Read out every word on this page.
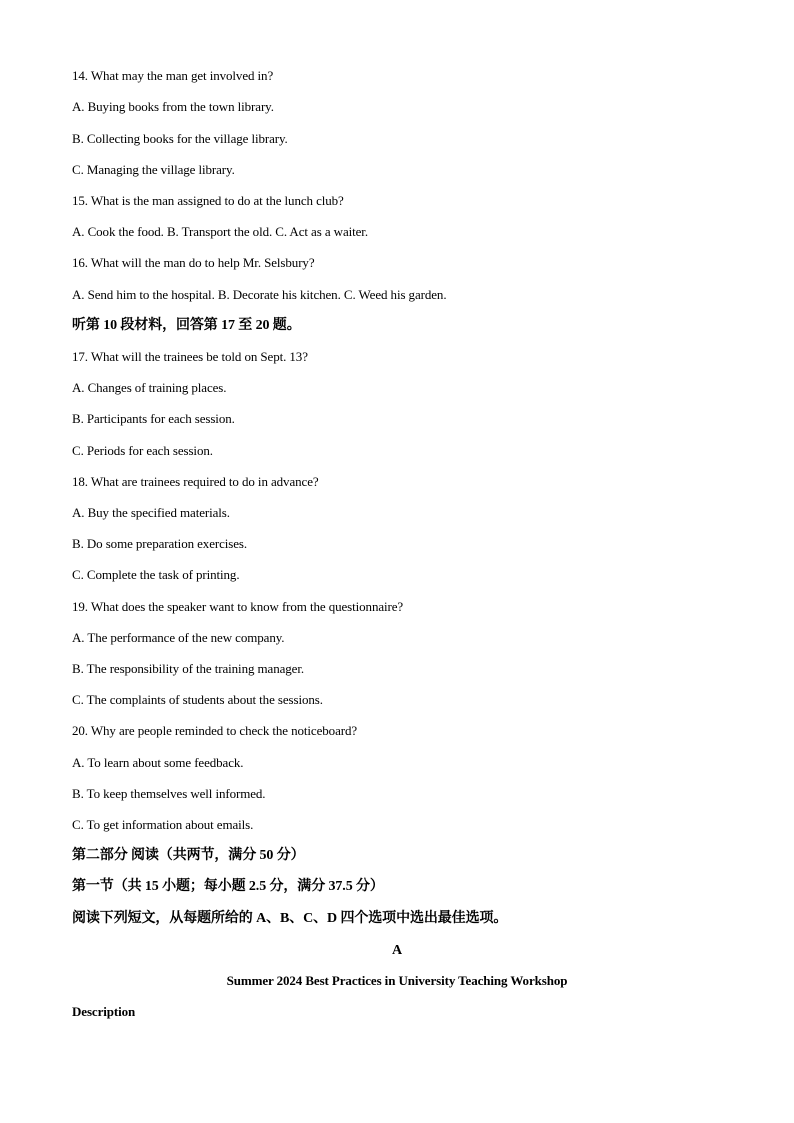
14. What may the man get involved in?

A. Buying books from the town library.

B. Collecting books for the village library.

C. Managing the village library.

15. What is the man assigned to do at the lunch club?

A. Cook the food. B. Transport the old. C. Act as a waiter.

16. What will the man do to help Mr. Selsbury?

A. Send him to the hospital. B. Decorate his kitchen. C. Weed his garden.

听第 10 段材料，回答第 17 至 20 题。

17. What will the trainees be told on Sept. 13?

A. Changes of training places.

B. Participants for each session.

C. Periods for each session.

18. What are trainees required to do in advance?

A. Buy the specified materials.

B. Do some preparation exercises.

C. Complete the task of printing.

19. What does the speaker want to know from the questionnaire?

A. The performance of the new company.

B. The responsibility of the training manager.

C. The complaints of students about the sessions.

20. Why are people reminded to check the noticeboard?

A. To learn about some feedback.

B. To keep themselves well informed.

C. To get information about emails.

第二部分 阅读（共两节，满分 50 分）

第一节（共 15 小题；每小题 2.5 分，满分 37.5 分）

阅读下列短文，从每题所给的 A、B、C、D 四个选项中选出最佳选项。

A

Summer 2024 Best Practices in University Teaching Workshop

Description
